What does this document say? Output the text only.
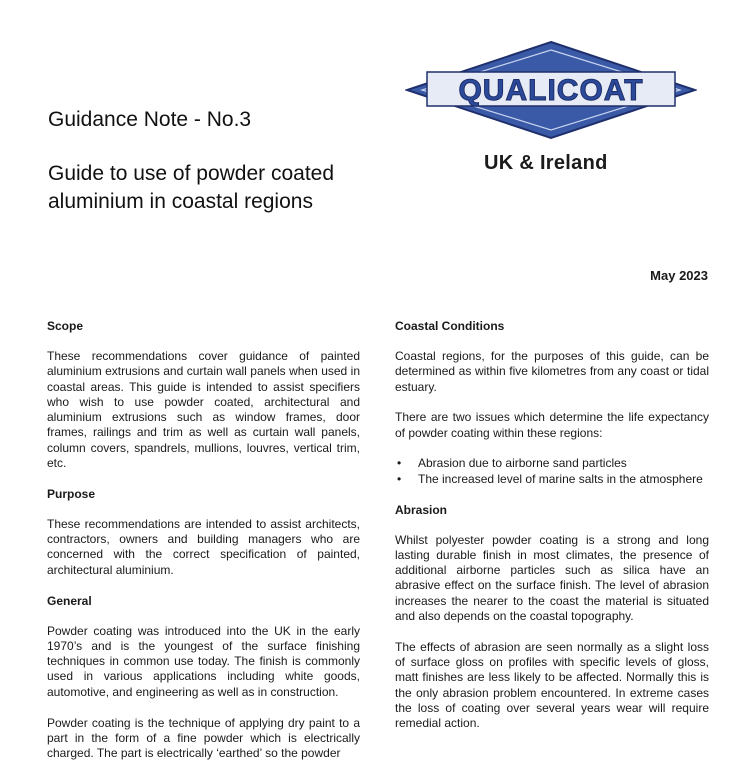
Guidance Note - No.3
Guide to use of powder coated aluminium in coastal regions
QUALICOAT
UK & Ireland
May 2023
Scope

These recommendations cover guidance of painted aluminium extrusions and curtain wall panels when used in coastal areas. This guide is intended to assist specifiers who wish to use powder coated, architectural and aluminium extrusions such as window frames, door frames, railings and trim as well as curtain wall panels, column covers, spandrels, mullions, louvres, vertical trim, etc.

Purpose

These recommendations are intended to assist architects, contractors, owners and building managers who are concerned with the correct specification of painted, architectural aluminium.

General

Powder coating was introduced into the UK in the early 1970’s and is the youngest of the surface finishing techniques in common use today. The finish is commonly used in various applications including white goods, automotive, and engineering as well as in construction.

Powder coating is the technique of applying dry paint to a part in the form of a fine powder which is electrically charged. The part is electrically ‘earthed’ so the powder

Coastal Conditions

Coastal regions, for the purposes of this guide, can be determined as within five kilometres from any coast or tidal estuary.

There are two issues which determine the life expectancy of powder coating within these regions:

• Abrasion due to airborne sand particles
• The increased level of marine salts in the atmosphere
Abrasion

Whilst polyester powder coating is a strong and long lasting durable finish in most climates, the presence of additional airborne particles such as silica have an abrasive effect on the surface finish. The level of abrasion increases the nearer to the coast the material is situated and also depends on the coastal topography.

The effects of abrasion are seen normally as a slight loss of surface gloss on profiles with specific levels of gloss, matt finishes are less likely to be affected. Normally this is the only abrasion problem encountered. In extreme cases the loss of coating over several years wear will require remedial action.
